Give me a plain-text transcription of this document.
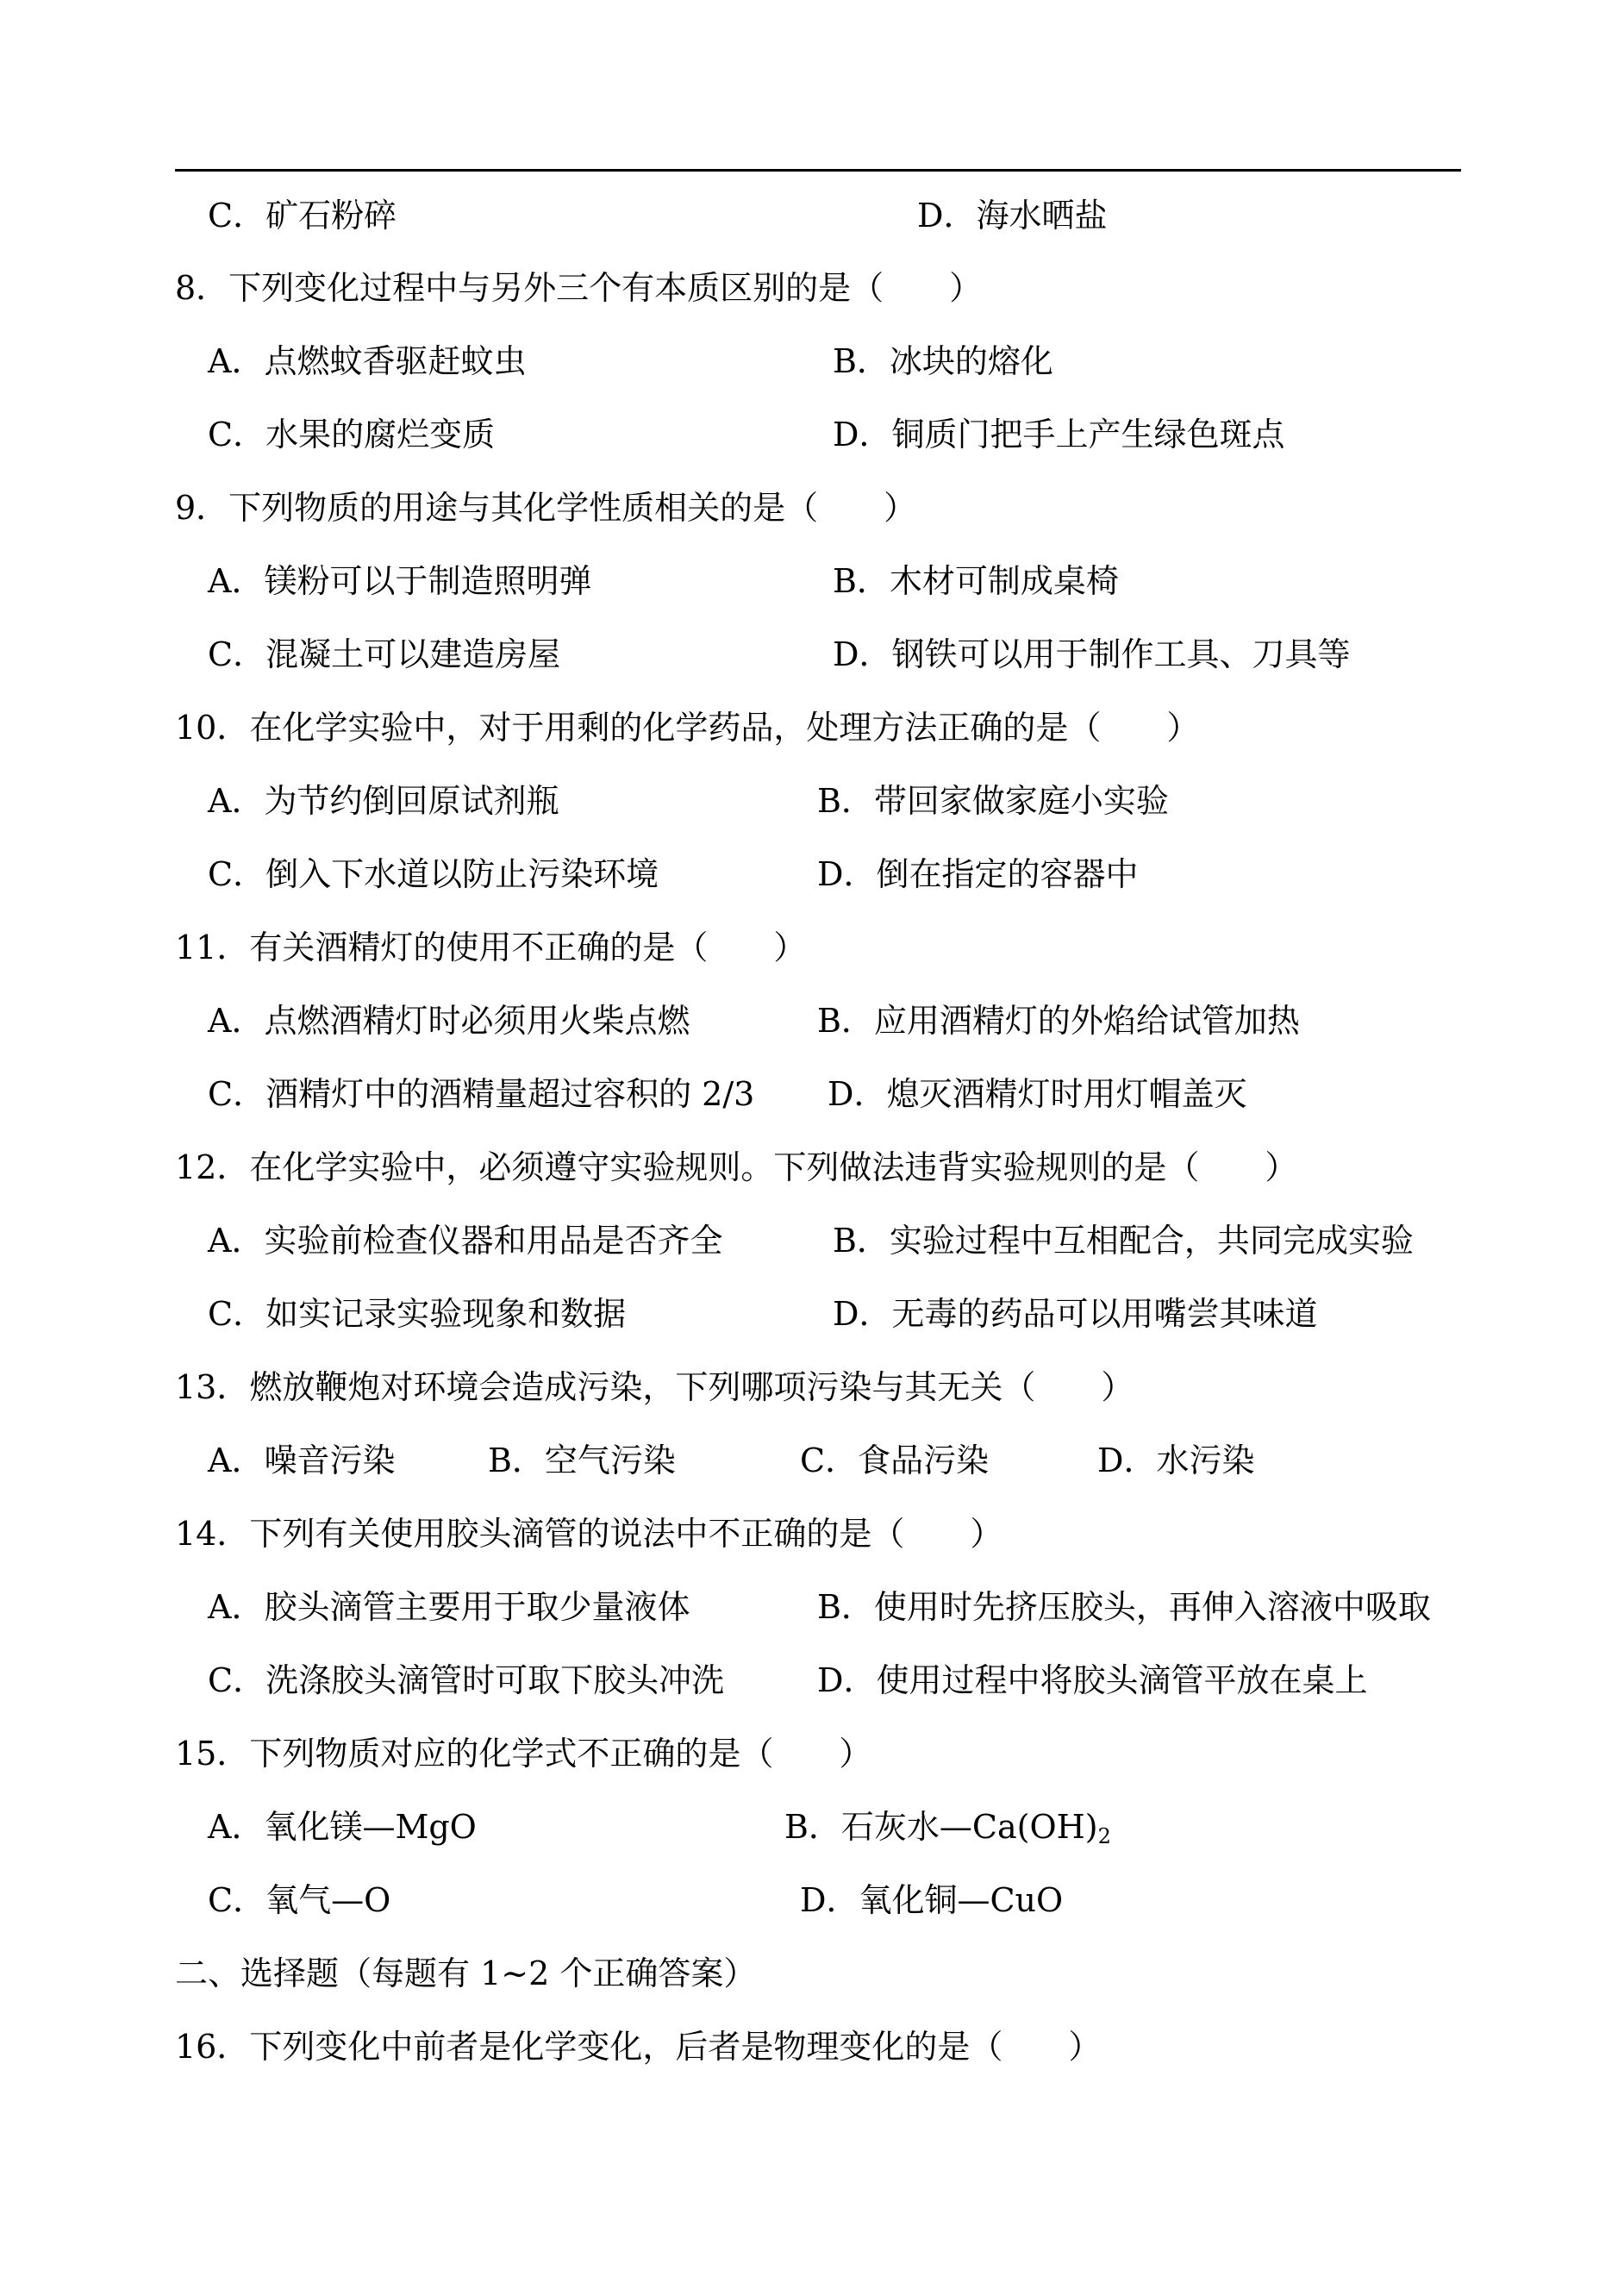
C．矿石粉碎	D．海水晒盐
8．下列变化过程中与另外三个有本质区别的是（　　）
A．点燃蚊香驱赶蚊虫	B．冰块的熔化
C．水果的腐烂变质	D．铜质门把手上产生绿色斑点
9．下列物质的用途与其化学性质相关的是（　　）
A．镁粉可以于制造照明弹	B．木材可制成桌椅
C．混凝土可以建造房屋	D．钢铁可以用于制作工具、刀具等
10．在化学实验中，对于用剩的化学药品，处理方法正确的是（　　）
A．为节约倒回原试剂瓶	B．带回家做家庭小实验
C．倒入下水道以防止污染环境	D．倒在指定的容器中
11．有关酒精灯的使用不正确的是（　　）
A．点燃酒精灯时必须用火柴点燃	B．应用酒精灯的外焰给试管加热
C．酒精灯中的酒精量超过容积的 2/3 D．熄灭酒精灯时用灯帽盖灭
12．在化学实验中，必须遵守实验规则。下列做法违背实验规则的是（　　）
A．实验前检查仪器和用品是否齐全	B．实验过程中互相配合，共同完成实验
C．如实记录实验现象和数据	D．无毒的药品可以用嘴尝其味道
13．燃放鞭炮对环境会造成污染，下列哪项污染与其无关（　　）
A．噪音污染	B．空气污染	C．食品污染	D．水污染
14．下列有关使用胶头滴管的说法中不正确的是（　　）
A．胶头滴管主要用于取少量液体	B．使用时先挤压胶头，再伸入溶液中吸取
C．洗涤胶头滴管时可取下胶头冲洗	D．使用过程中将胶头滴管平放在桌上
15．下列物质对应的化学式不正确的是（　　）
A．氧化镁—MgO	B．石灰水$—Ca(OH)_2$
C．氧气—O	D．氧化铜—CuO
二、选择题（每题有 1~2 个正确答案）
16．下列变化中前者是化学变化，后者是物理变化的是（　　）
